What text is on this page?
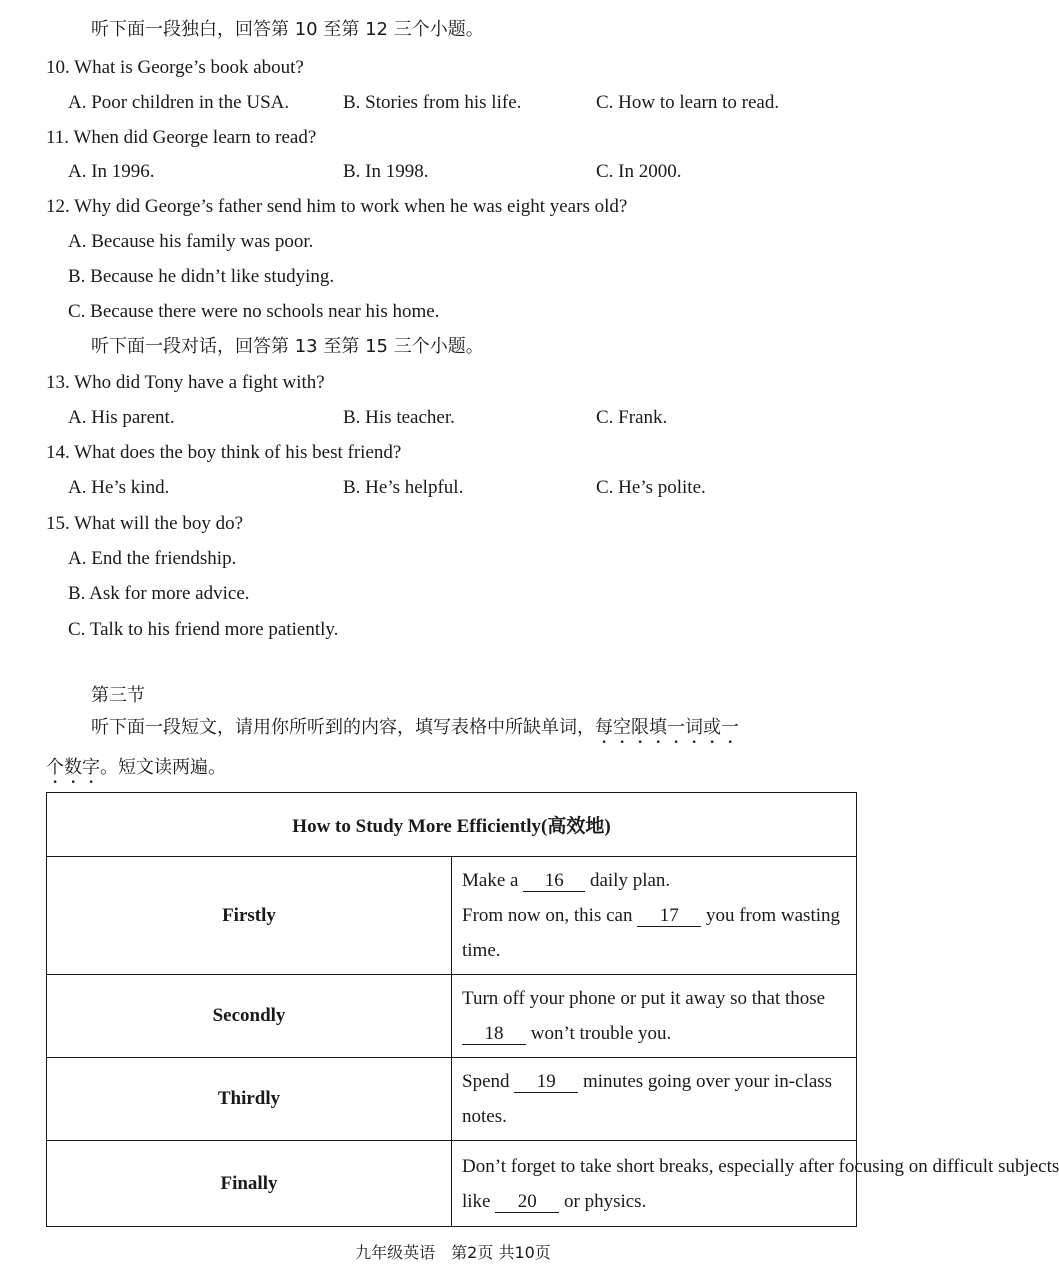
听下面一段独白，回答第 10 至第 12 三个小题。
10. What is George’s book about?
A. Poor children in the USA.	B. Stories from his life.	C. How to learn to read.
11. When did George learn to read?
A. In 1996.	B. In 1998.	C. In 2000.
12. Why did George’s father send him to work when he was eight years old?
A. Because his family was poor.
B. Because he didn’t like studying.
C. Because there were no schools near his home.
听下面一段对话，回答第 13 至第 15 三个小题。
13. Who did Tony have a fight with?
A. His parent.	B. His teacher.	C. Frank.
14. What does the boy think of his best friend?
A. He’s kind.	B. He’s helpful.	C. He’s polite.
15. What will the boy do?
A. End the friendship.
B. Ask for more advice.
C. Talk to his friend more patiently.
第三节
听下面一段短文，请用你所听到的内容，填写表格中所缺单词，每空限填一词或一
个数字。短文读两遍。
How to Study More Efficiently(高效地)	
Firstly	Make a 16 daily plan.
From now on, this can 17 you from wasting time.

Secondly	Turn off your phone or put it away so that those 18 won’t trouble you.
Thirdly	Spend 19 minutes going over your in-class notes.
Finally	Don’t forget to take short breaks, especially after focusing on difficult subjects
like 20 or physics.
九年级英语　第2页 共10页
